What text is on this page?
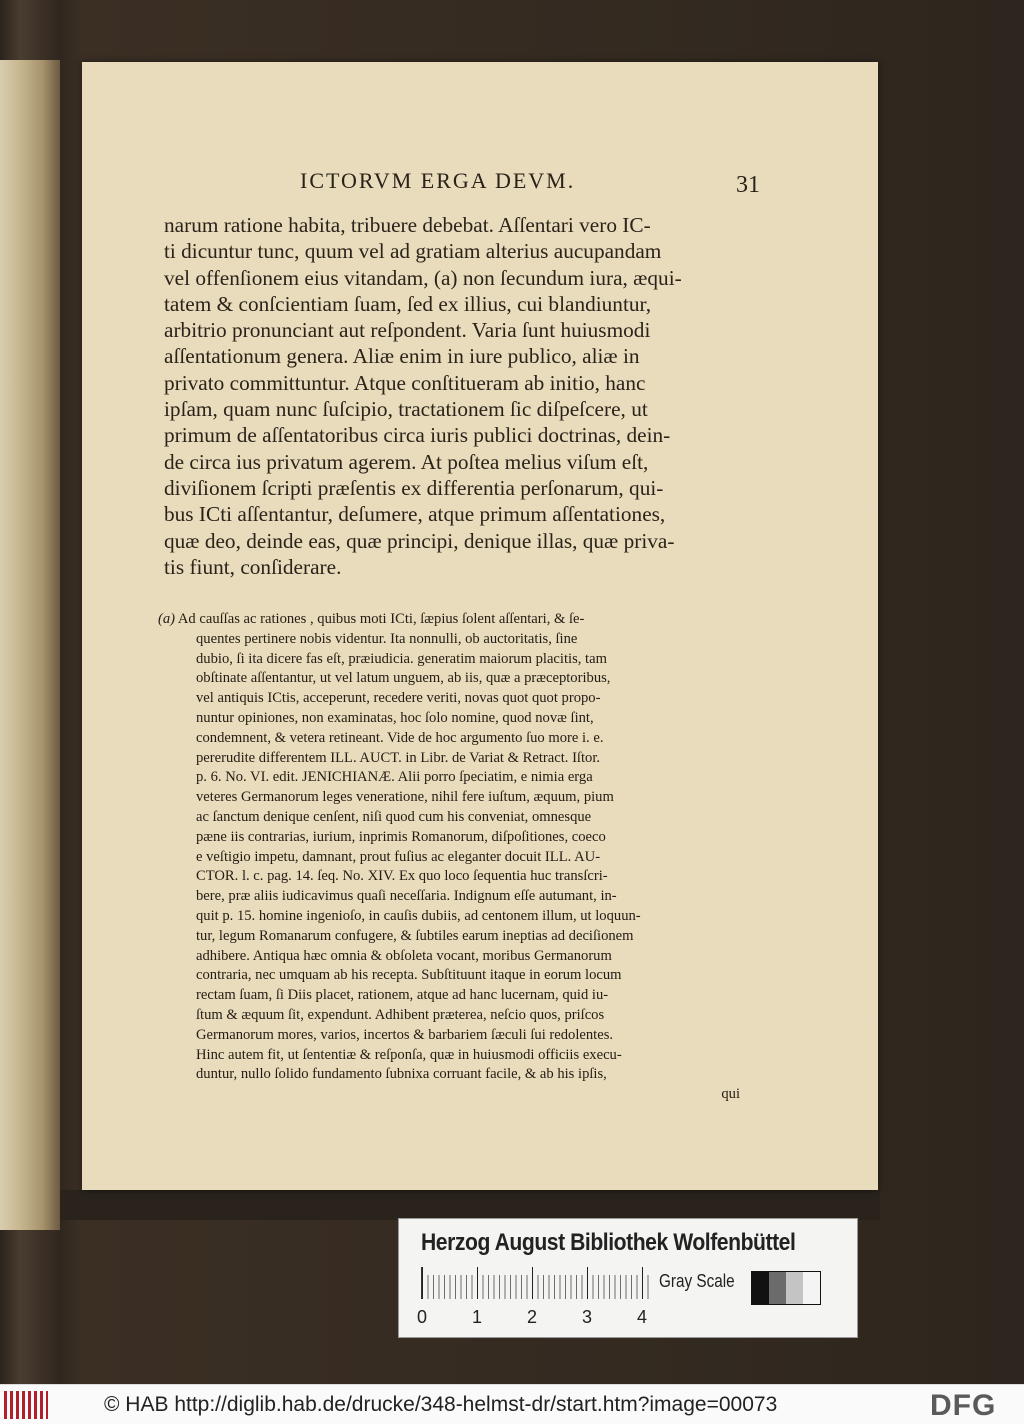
ICTORVM ERGA DEVM.	31
narum ratione habita, tribuere debebat. Aſſentari vero IC-
ti dicuntur tunc, quum vel ad gratiam alterius aucupandam
vel offenſionem eius vitandam, (a) non ſecundum iura, æqui-
tatem & conſcientiam ſuam, ſed ex illius, cui blandiuntur,
arbitrio pronunciant aut reſpondent. Varia ſunt huiusmodi
aſſentationum genera. Aliæ enim in iure publico, aliæ in
privato committuntur. Atque conſtitueram ab initio, hanc
ipſam, quam nunc ſuſcipio, tractationem ſic diſpeſcere, ut
primum de aſſentatoribus circa iuris publici doctrinas, dein-
de circa ius privatum agerem. At poſtea melius viſum eſt,
diviſionem ſcripti præſentis ex differentia perſonarum, qui-
bus ICti aſſentantur, deſumere, atque primum aſſentationes,
quæ deo, deinde eas, quæ principi, denique illas, quæ priva-
tis fiunt, conſiderare.
(a) Ad cauſſas ac rationes , quibus moti ICti, ſæpius ſolent aſſentari, & ſe-
quentes pertinere nobis videntur. Ita nonnulli, ob auctoritatis, ſine
dubio, ſi ita dicere fas eſt, præiudicia. generatim maiorum placitis, tam
obſtinate aſſentantur, ut vel latum unguem, ab iis, quæ a præceptoribus,
vel antiquis ICtis, acceperunt, recedere veriti, novas quot quot propo-
nuntur opiniones, non examinatas, hoc ſolo nomine, quod novæ ſint,
condemnent, & vetera retineant. Vide de hoc argumento ſuo more i. e.
pereruditе differentem ILL. AUCT. in Libr. de Variat & Retract. Iſtor.
p. 6. No. VI. edit. JENICHIANÆ. Alii porro ſpeciatim, e nimia erga
veteres Germanorum leges veneratione, nihil fere iuſtum, æquum, pium
ac ſanctum denique cenſent, niſi quod cum his conveniat, omnesque
pæne iis contrarias, iurium, inprimis Romanorum, diſpoſitiones, coeco
e veſtigio impetu, damnant, prout fuſius ac eleganter docuit ILL. AU-
CTOR. l. c. pag. 14. ſeq. No. XIV. Ex quo loco ſequentia huc transſcri-
bere, præ aliis iudicavimus quaſi neceſſaria. Indignum eſſe autumant, in-
quit p. 15. homine ingenioſo, in cauſis dubiis, ad centonem illum, ut loquun-
tur, legum Romanarum confugere, & ſubtiles earum ineptias ad deciſionem
adhibere. Antiqua hæc omnia & obſoleta vocant, moribus Germanorum
contraria, nec umquam ab his recepta. Subſtituunt itaque in eorum locum
rectam ſuam, ſi Diis placet, rationem, atque ad hanc lucernam, quid iu-
ſtum & æquum ſit, expendunt. Adhibent præterea, neſcio quos, priſcos
Germanorum mores, varios, incertos & barbariem ſæculi ſui redolentes.
Hinc autem fit, ut ſententiæ & reſponſa, quæ in huiusmodi officiis execu-
duntur, nullo ſolido fundamento ſubnixa corruant facile, & ab his ipſis,
qui
Herzog August Bibliothek Wolfenbüttel
0 1 2 3 4
Gray Scale
© HAB http://diglib.hab.de/drucke/348-helmst-dr/start.htm?image=00073	DFG
